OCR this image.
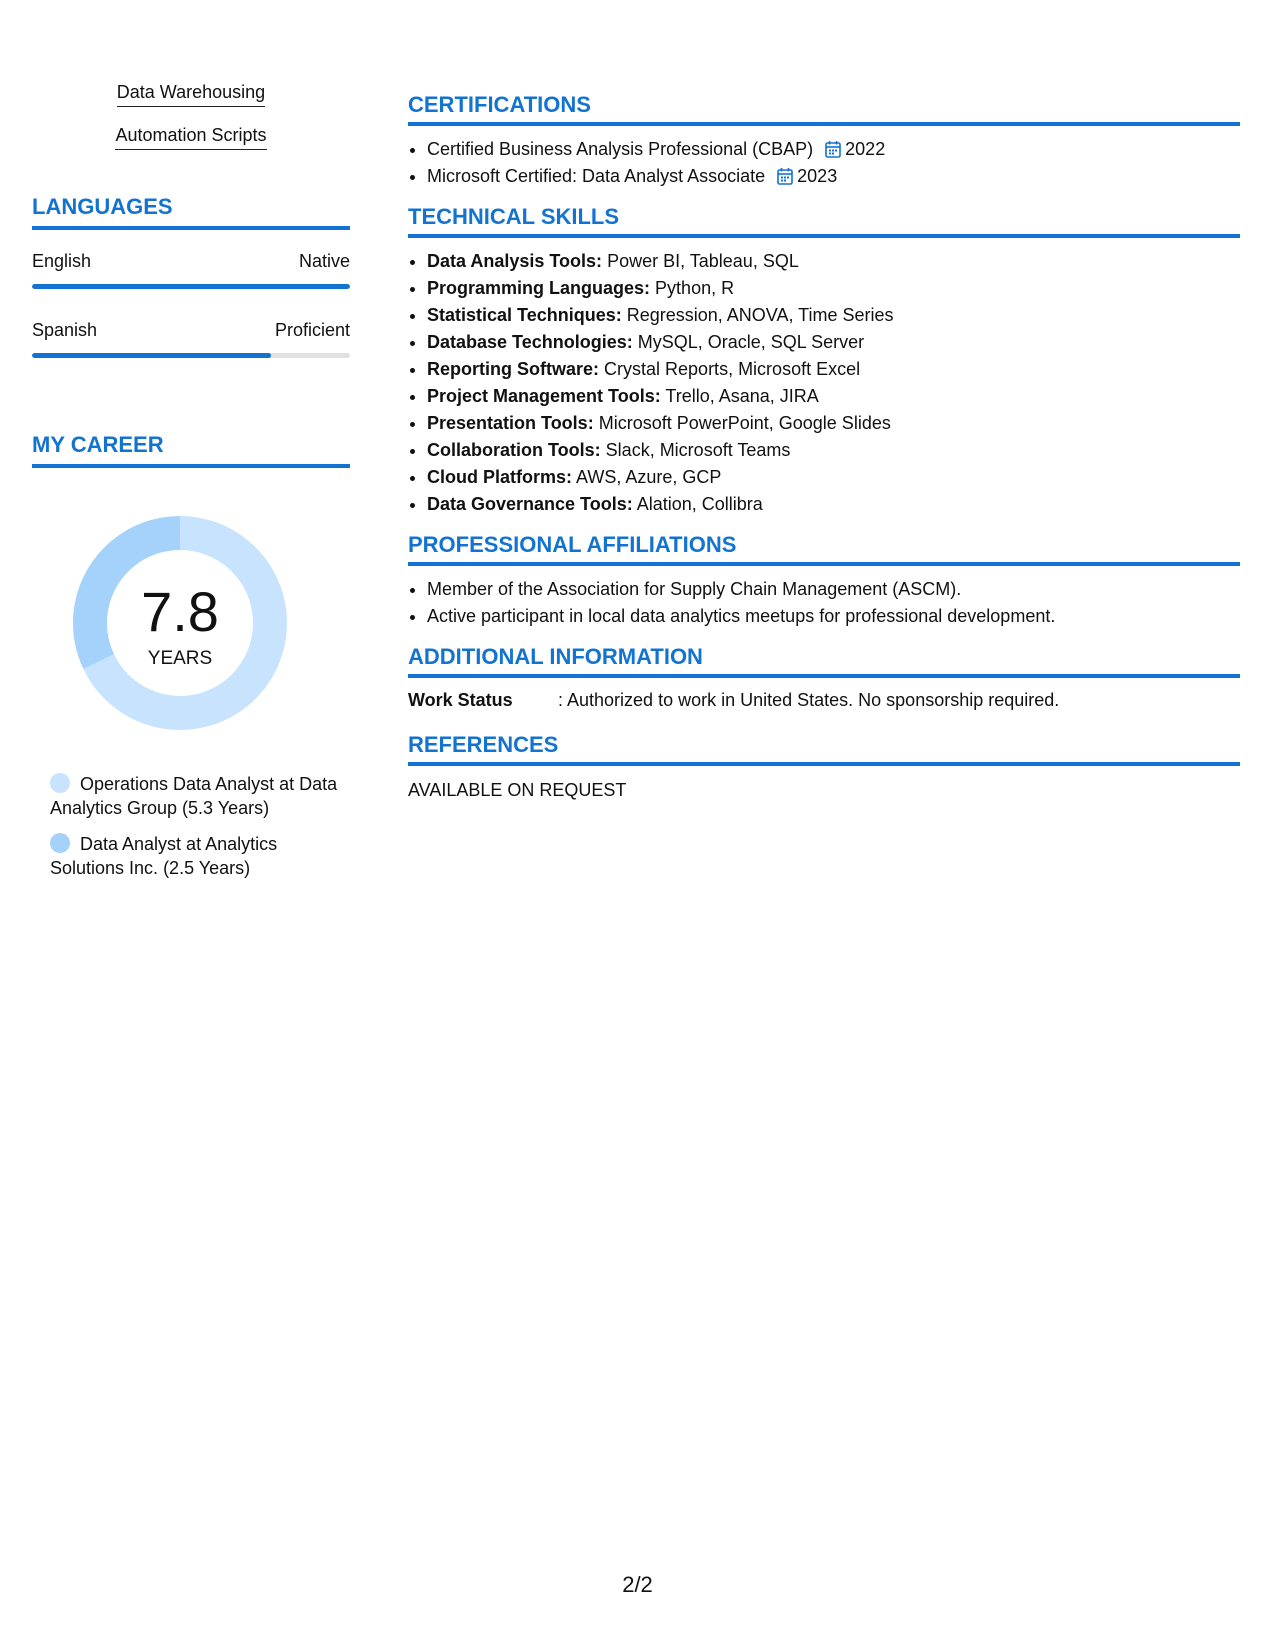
Data Warehousing
Automation Scripts
LANGUAGES
English	Native
Spanish	Proficient
MY CAREER
7.8
YEARS
Operations Data Analyst at Data Analytics Group (5.3 Years)
Data Analyst at Analytics Solutions Inc. (2.5 Years)
CERTIFICATIONS
• Certified Business Analysis Professional (CBAP) 2022
• Microsoft Certified: Data Analyst Associate 2023
TECHNICAL SKILLS
• Data Analysis Tools: Power BI, Tableau, SQL
• Programming Languages: Python, R
• Statistical Techniques: Regression, ANOVA, Time Series
• Database Technologies: MySQL, Oracle, SQL Server
• Reporting Software: Crystal Reports, Microsoft Excel
• Project Management Tools: Trello, Asana, JIRA
• Presentation Tools: Microsoft PowerPoint, Google Slides
• Collaboration Tools: Slack, Microsoft Teams
• Cloud Platforms: AWS, Azure, GCP
• Data Governance Tools: Alation, Collibra
PROFESSIONAL AFFILIATIONS
• Member of the Association for Supply Chain Management (ASCM).
• Active participant in local data analytics meetups for professional development.
ADDITIONAL INFORMATION
Work Status	: Authorized to work in United States. No sponsorship required.
REFERENCES
AVAILABLE ON REQUEST
2/2
